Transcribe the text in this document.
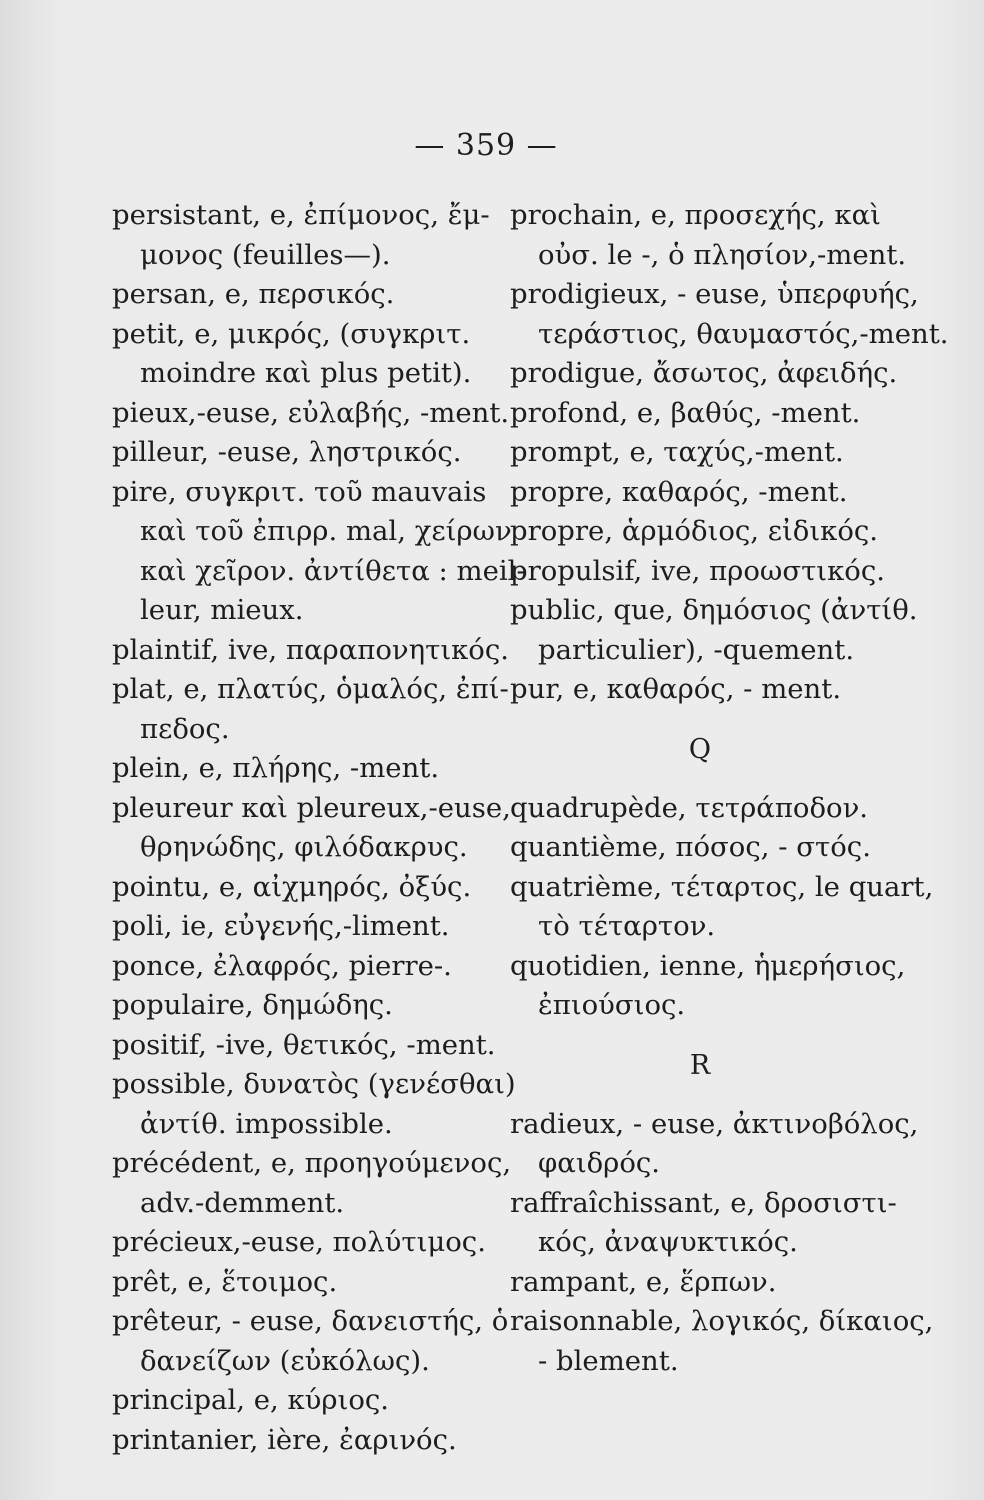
— 359 —
persistant, e, ἐπίμονος, ἔμ-
μονος (feuilles—).
persan, e, περσικός.
petit, e, μικρός, (συγκριτ.
moindre καὶ plus petit).
pieux,-euse, εὐλαβής, -ment.
pilleur, -euse, ληστρικός.
pire, συγκριτ. τοῦ mauvais
καὶ τοῦ ἐπιρρ. mal, χείρων
καὶ χεῖρον. ἀντίθετα : meil-
leur, mieux.
plaintif, ive, παραπονητικός.
plat, e, πλατύς, ὁμαλός, ἐπί-
πεδος.
plein, e, πλήρης, -ment.
pleureur καὶ pleureux,-euse,
θρηνώδης, φιλόδακρυς.
pointu, e, αἰχμηρός, ὀξύς.
poli, ie, εὐγενής,-liment.
ponce, ἐλαφρός, pierre-.
populaire, δημώδης.
positif, -ive, θετικός, -ment.
possible, δυνατὸς (γενέσθαι)
ἀντίθ. impossible.
précédent, e, προηγούμενος,
adv.-demment.
précieux,-euse, πολύτιμος.
prêt, e, ἕτοιμος.
prêteur, - euse, δανειστής, ὁ
δανείζων (εὐκόλως).
principal, e, κύριος.
printanier, ière, ἐαρινός.
prochain, e, προσεχής, καὶ
οὐσ. le -, ὁ πλησίον,-ment.
prodigieux, - euse, ὑπερφυής,
τεράστιος, θαυμαστός,-ment.
prodigue, ἄσωτος, ἀφειδής.
profond, e, βαθύς, -ment.
prompt, e, ταχύς,-ment.
propre, καθαρός, -ment.
propre, ἁρμόδιος, εἰδικός.
propulsif, ive, προωστικός.
public, que, δημόσιος (ἀντίθ.
particulier), -quement.
pur, e, καθαρός, - ment.
Q
quadrupède, τετράποδον.
quantième, πόσος, - στός.
quatrième, τέταρτος, le quart,
τὸ τέταρτον.
quotidien, ienne, ἡμερήσιος,
ἐπιούσιος.
R
radieux, - euse, ἀκτινοβόλος,
φαιδρός.
raffraîchissant, e, δροσιστι-
κός, ἀναψυκτικός.
rampant, e, ἕρπων.
raisonnable, λογικός, δίκαιος,
- blement.
